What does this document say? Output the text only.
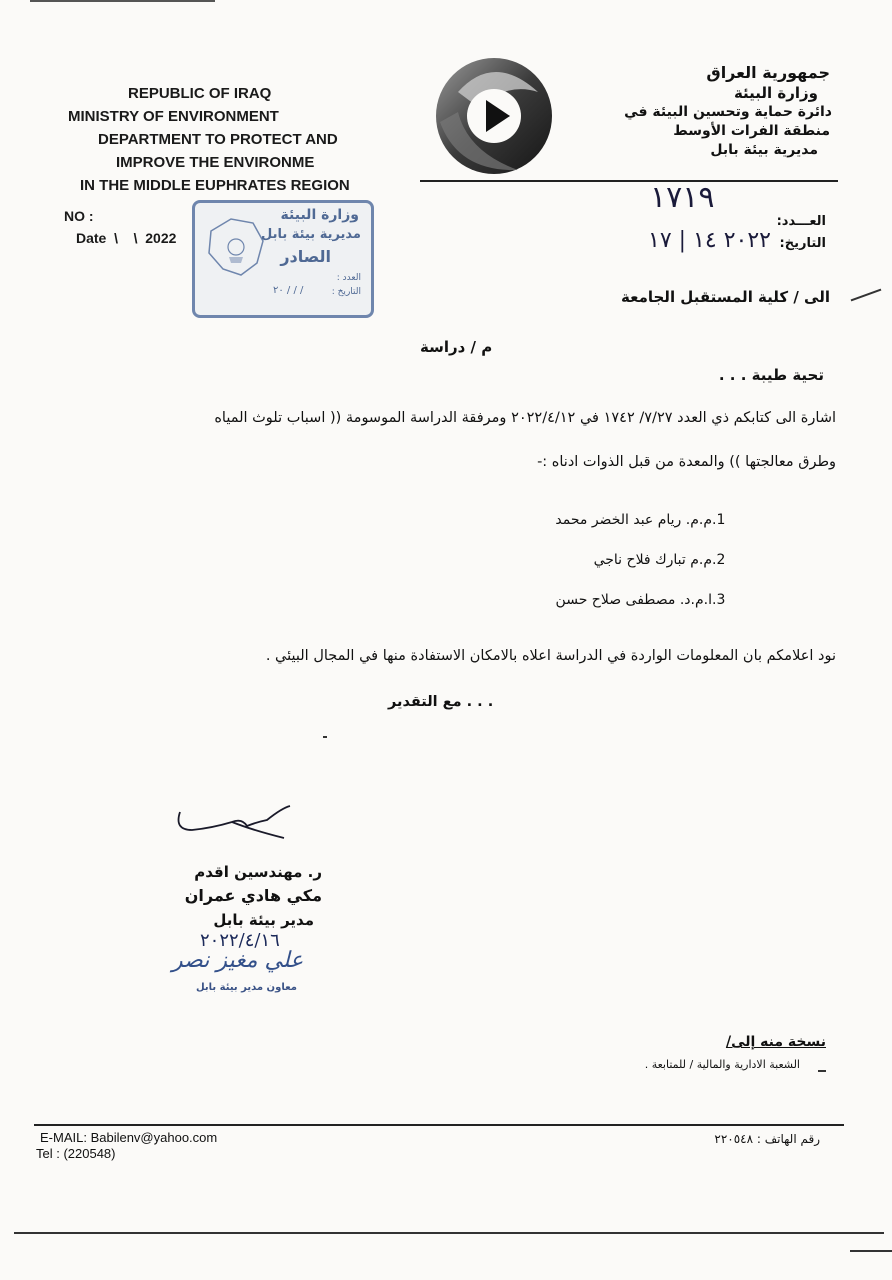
REPUBLIC OF IRAQ
MINISTRY OF ENVIRONMENT
DEPARTMENT TO PROTECT AND
IMPROVE THE ENVIRONME
IN THE MIDDLE EUPHRATES REGION
NO :
Date  \    \  2022
جمهورية العراق
وزارة البيئة
دائرة حماية وتحسين البيئة في
منطقة الفرات الأوسط
مديرية بيئة بابل
وزارة البيئة
مديرية بيئة بابل
الصادر
العدد :
التاريخ :
٢٠ / / /
١٧١٩
العـــدد:
التاريخ:
٢٠٢٢ ١٤ | ١٧
الى / كلية المستقبل الجامعة
م / دراسة
تحية طيبة . . .
اشارة الى كتابكم ذي العدد ٧/٢٧/ ١٧٤٢ في ٢٠٢٢/٤/١٢ ومرفقة الدراسة الموسومة (( اسباب تلوث المياه
وطرق معالجتها )) والمعدة من قبل الذوات ادناه :-
1.م.م. ريام عبد الخضر محمد
2.م.م تبارك فلاح ناجي
3.ا.م.د. مصطفى صلاح حسن
نود اعلامكم بان المعلومات الواردة في الدراسة اعلاه بالامكان الاستفادة منها في المجال البيئي .
. . . مع التقدير
ر. مهندسين اقدم
مكي هادي عمران
مدير بيئة بابل
٢٠٢٢/٤/١٦
علي مغيز نصر
معاون مدير بيئة بابل
نسخة منه إلى/
الشعبة الادارية والمالية / للمتابعة .
E-MAIL: Babilenv@yahoo.com
Tel : (220548)
رقم الهاتف : ٢٢٠٥٤٨
